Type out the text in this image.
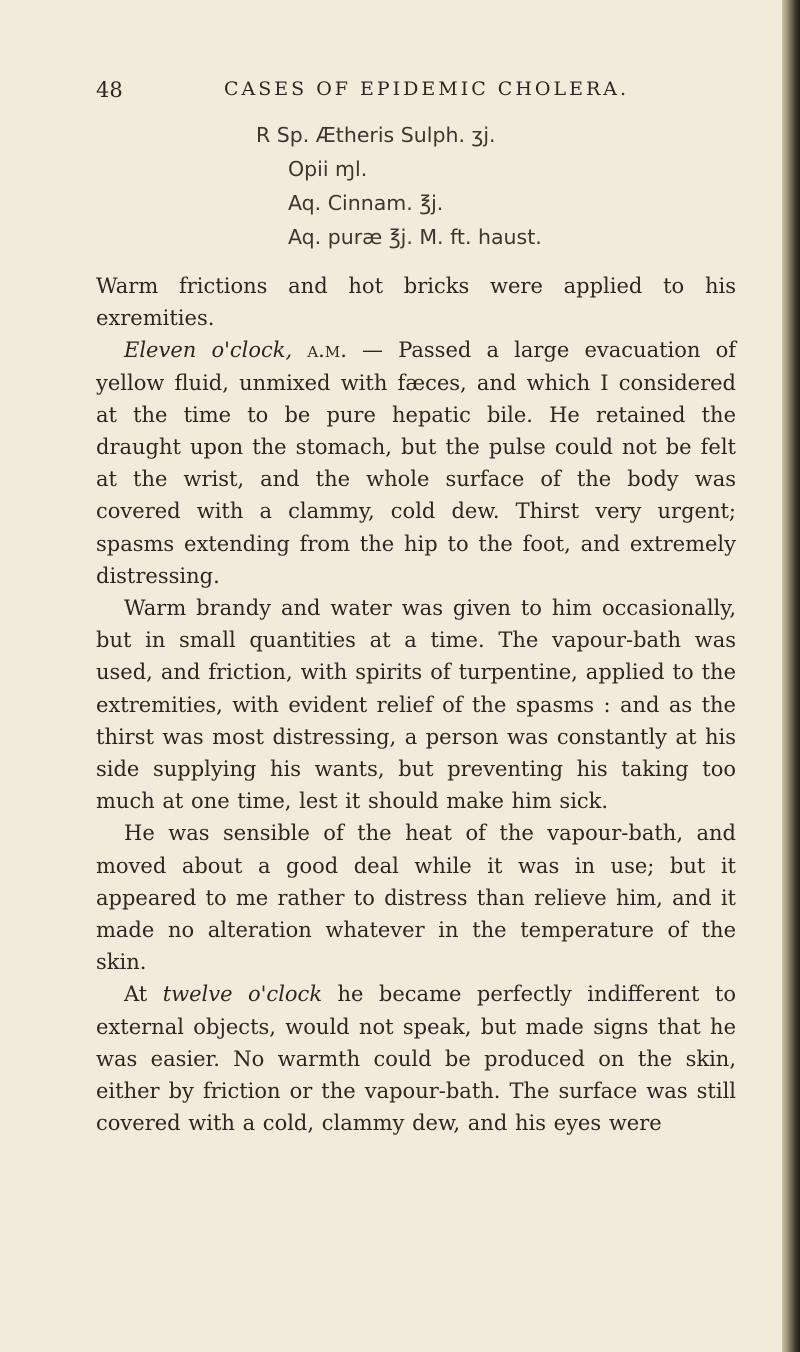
48	CASES OF EPIDEMIC CHOLERA.
R Sp. Ætheris Sulph. ʒj.
Opii ɱl.
Aq. Cinnam. ℥j.
Aq. puræ ℥j. M. ft. haust.

Warm frictions and hot bricks were applied to his exremities.

Eleven o'clock, a.m. — Passed a large evacuation of yellow fluid, unmixed with fæces, and which I considered at the time to be pure hepatic bile. He retained the draught upon the stomach, but the pulse could not be felt at the wrist, and the whole surface of the body was covered with a clammy, cold dew. Thirst very urgent; spasms extending from the hip to the foot, and extremely distressing.

Warm brandy and water was given to him occasionally, but in small quantities at a time. The vapour-bath was used, and friction, with spirits of turpentine, applied to the extremities, with evident relief of the spasms : and as the thirst was most distressing, a person was constantly at his side supplying his wants, but preventing his taking too much at one time, lest it should make him sick.

He was sensible of the heat of the vapour-bath, and moved about a good deal while it was in use; but it appeared to me rather to distress than relieve him, and it made no alteration whatever in the temperature of the skin.

At twelve o'clock he became perfectly indifferent to external objects, would not speak, but made signs that he was easier. No warmth could be produced on the skin, either by friction or the vapour-bath. The surface was still covered with a cold, clammy dew, and his eyes were
